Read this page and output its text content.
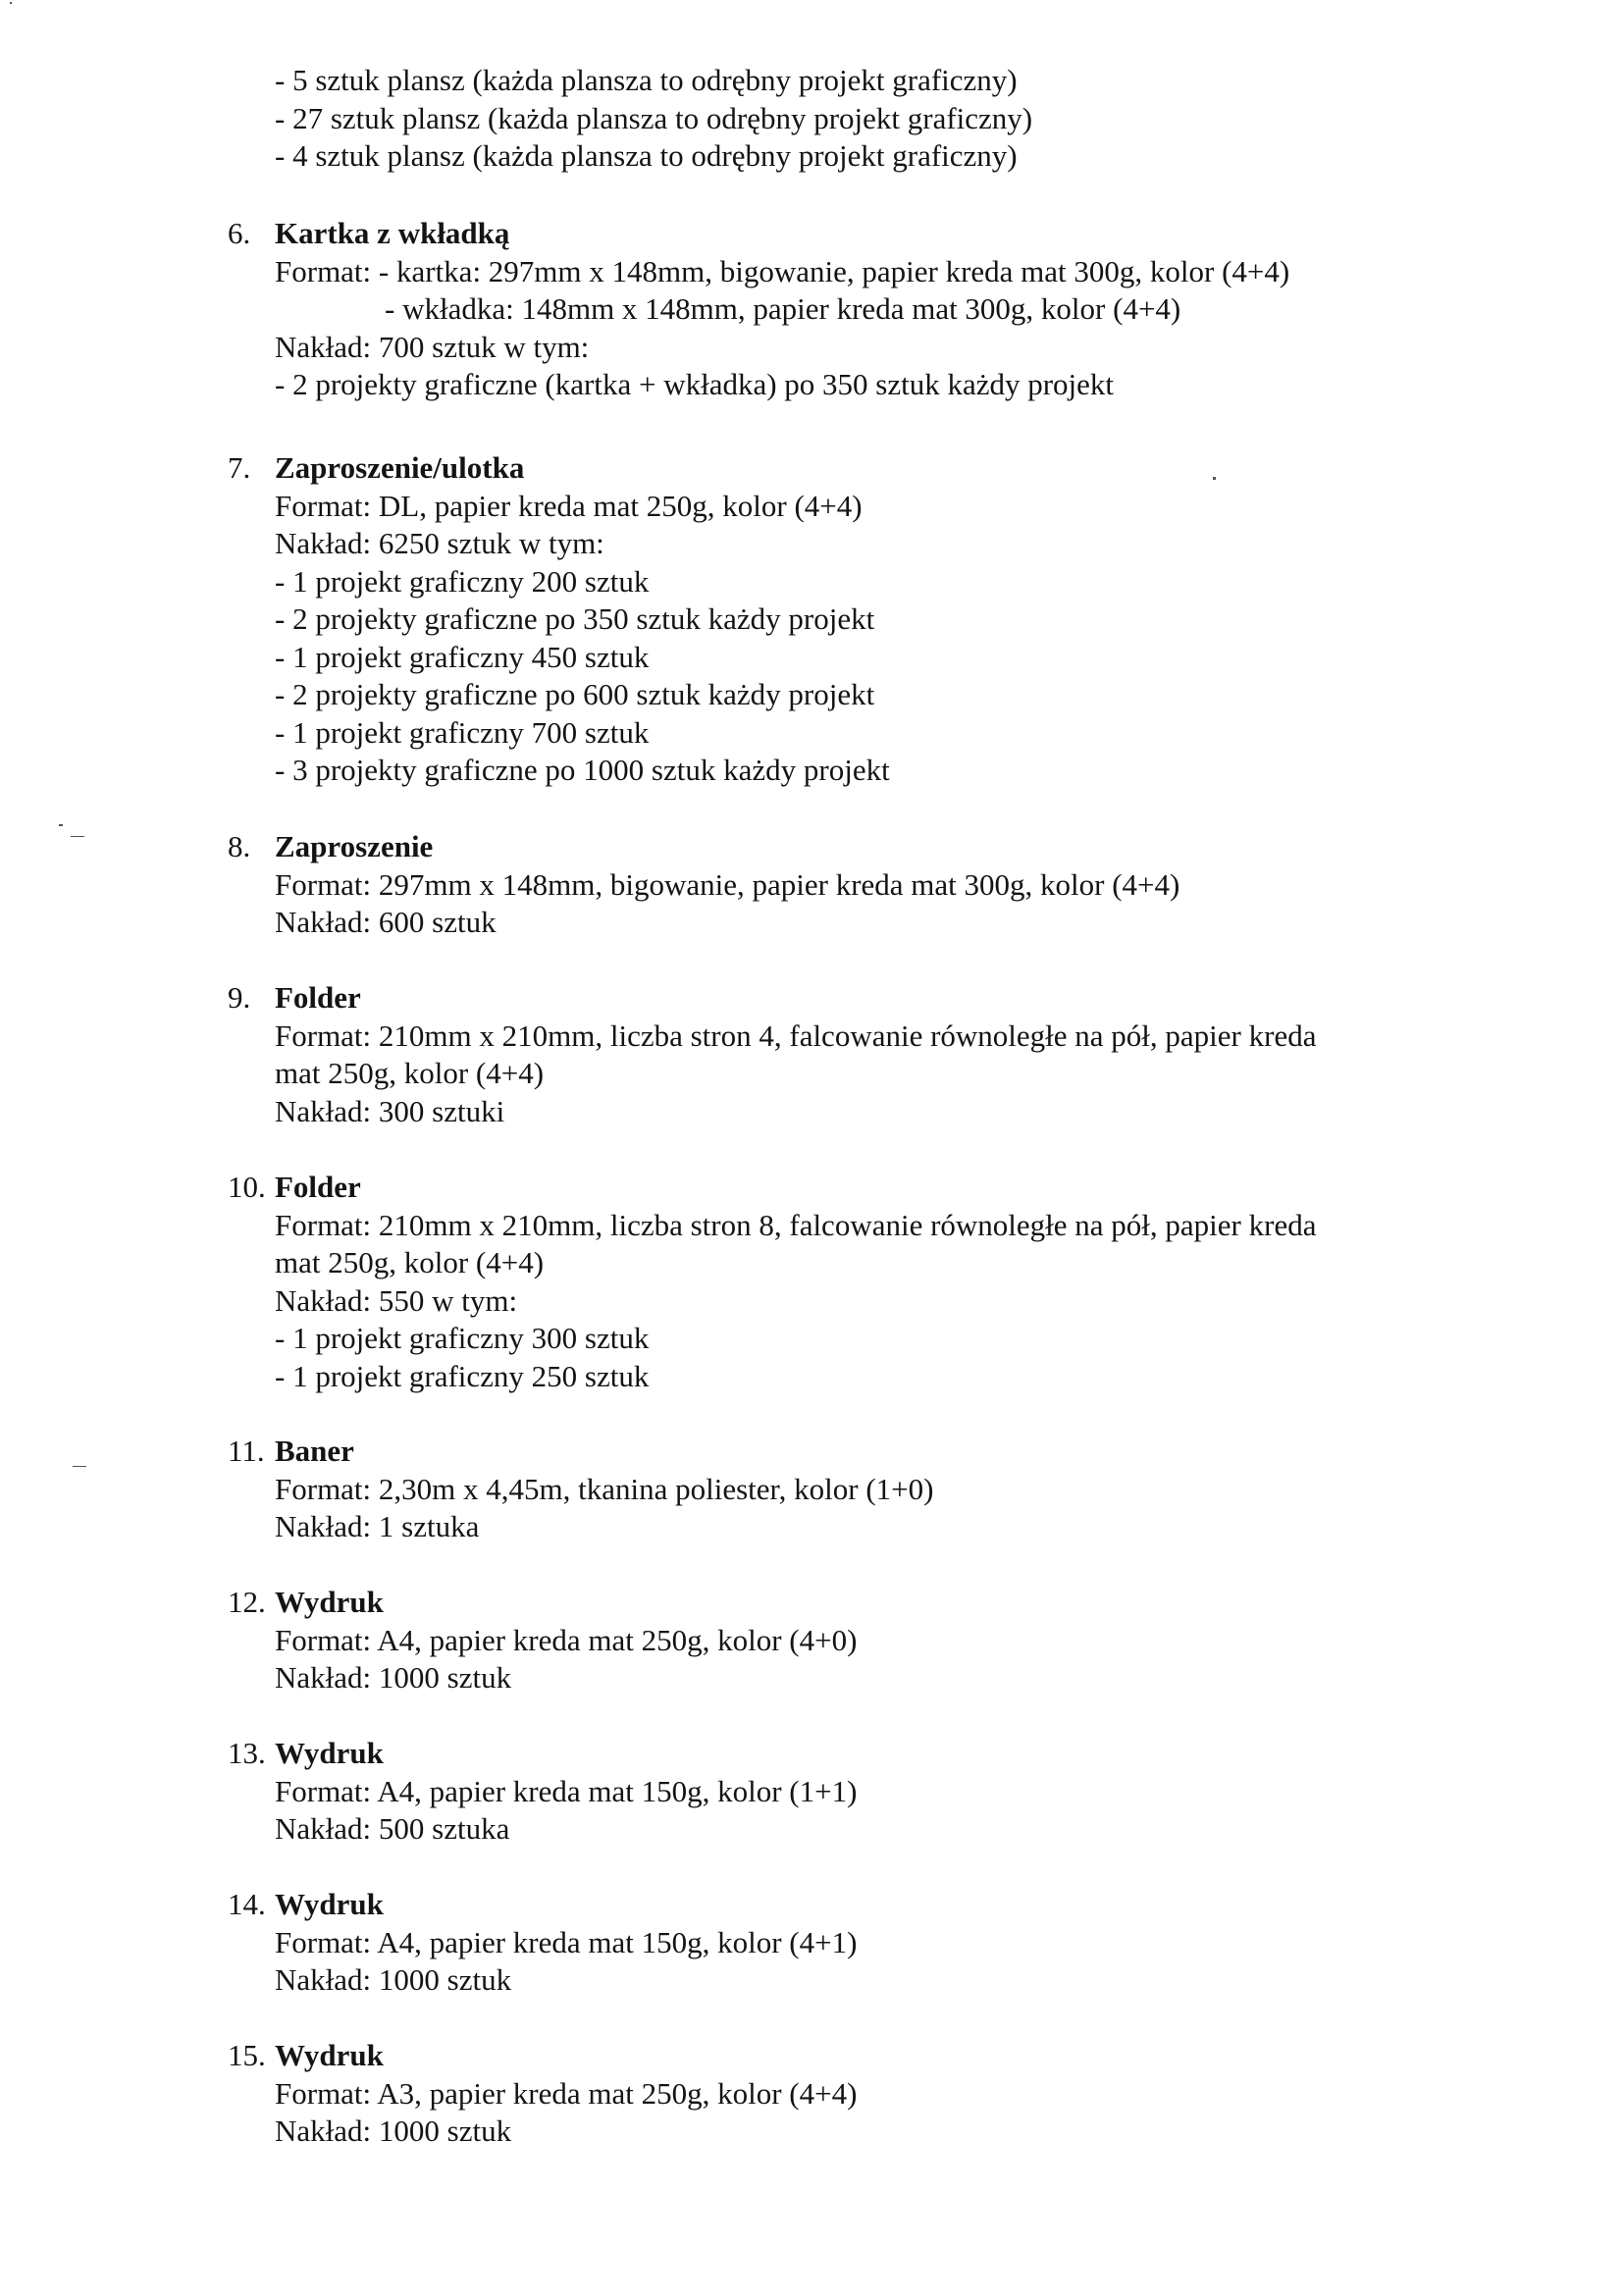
- 5 sztuk plansz (każda plansza to odrębny projekt graficzny)
- 27 sztuk plansz (każda plansza to odrębny projekt graficzny)
- 4 sztuk plansz (każda plansza to odrębny projekt graficzny)
6. Kartka z wkładką
Format: - kartka: 297mm x 148mm, bigowanie, papier kreda mat 300g, kolor (4+4)
- wkładka: 148mm x 148mm, papier kreda mat 300g, kolor (4+4)
Nakład: 700 sztuk w tym:
- 2 projekty graficzne (kartka + wkładka) po 350 sztuk każdy projekt
7. Zaproszenie/ulotka
Format: DL, papier kreda mat 250g, kolor (4+4)
Nakład: 6250 sztuk w tym:
- 1 projekt graficzny 200 sztuk
- 2 projekty graficzne po 350 sztuk każdy projekt
- 1 projekt graficzny 450 sztuk
- 2 projekty graficzne po 600 sztuk każdy projekt
- 1 projekt graficzny 700 sztuk
- 3 projekty graficzne po 1000 sztuk każdy projekt
8. Zaproszenie
Format: 297mm x 148mm, bigowanie, papier kreda mat 300g, kolor (4+4)
Nakład: 600 sztuk
9. Folder
Format: 210mm x 210mm, liczba stron 4, falcowanie równoległe na pół, papier kreda
mat 250g, kolor (4+4)
Nakład: 300 sztuki
10. Folder
Format: 210mm x 210mm, liczba stron 8, falcowanie równoległe na pół, papier kreda
mat 250g, kolor (4+4)
Nakład: 550 w tym:
- 1 projekt graficzny 300 sztuk
- 1 projekt graficzny 250 sztuk
11. Baner
Format: 2,30m x 4,45m, tkanina poliester, kolor (1+0)
Nakład: 1 sztuka
12. Wydruk
Format: A4, papier kreda mat 250g, kolor (4+0)
Nakład: 1000 sztuk
13. Wydruk
Format: A4, papier kreda mat 150g, kolor (1+1)
Nakład: 500 sztuka
14. Wydruk
Format: A4, papier kreda mat 150g, kolor (4+1)
Nakład: 1000 sztuk
15. Wydruk
Format: A3, papier kreda mat 250g, kolor (4+4)
Nakład: 1000 sztuk
